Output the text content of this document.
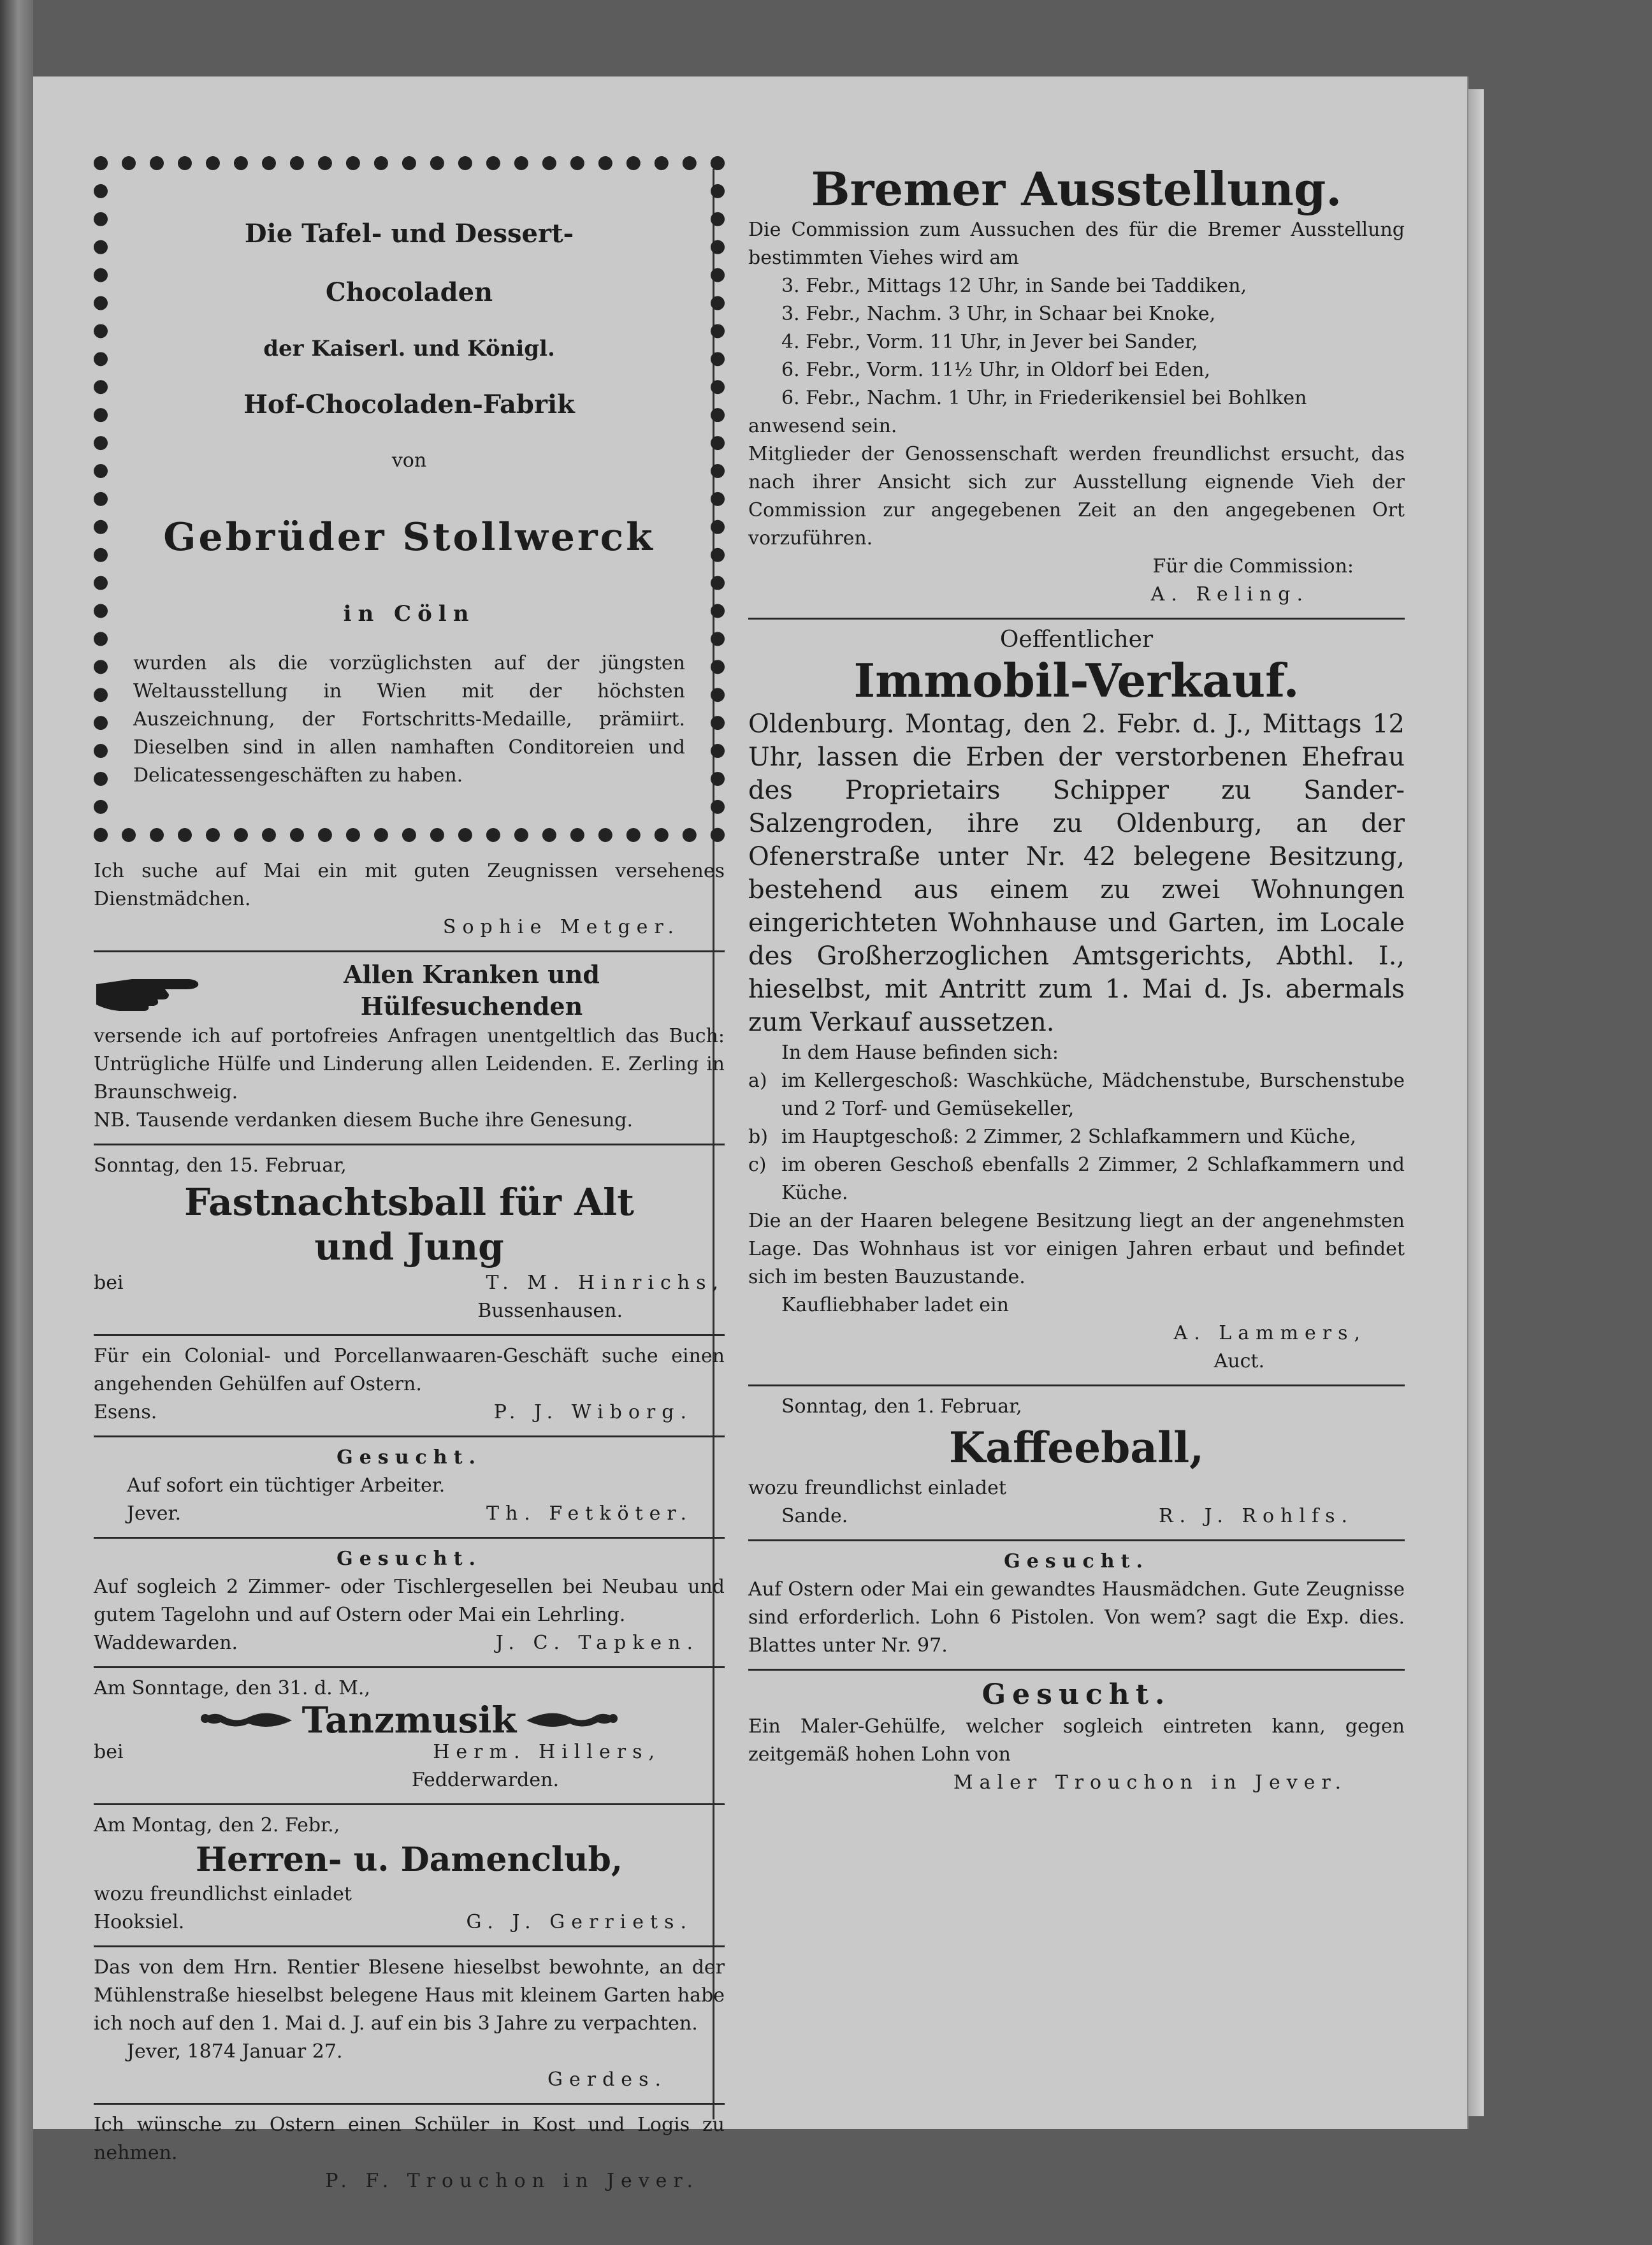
Die Tafel- und Dessert-

Chocoladen

der Kaiserl. und Königl.

Hof-Chocoladen-Fabrik

von

Gebrüder Stollwerck

in Cöln

wurden als die vorzüglichsten auf der jüngsten Weltausstellung in Wien mit der höchsten Auszeichnung, der Fortschritts-Medaille, prämiirt. Dieselben sind in allen namhaften Conditoreien und Delicatessengeschäften zu haben.

Ich suche auf Mai ein mit guten Zeugnissen versehenes Dienstmädchen.

Sophie Metger.

Allen Kranken und

Hülfesuchenden

versende ich auf portofreies Anfragen unentgeltlich das Buch: Untrügliche Hülfe und Linderung allen Leidenden. E. Zerling in Braunschweig.

NB. Tausende verdanken diesem Buche ihre Genesung.

Sonntag, den 15. Februar,

Fastnachtsball für Alt

und Jung

bei	T. M. Hinrichs,

Bussenhausen.

Für ein Colonial- und Porcellanwaaren-Geschäft suche einen angehenden Gehülfen auf Ostern.

Esens.	P. J. Wiborg.

Gesucht.

Auf sofort ein tüchtiger Arbeiter.

Jever.	Th. Fetköter.

Gesucht.

Auf sogleich 2 Zimmer- oder Tischlergesellen bei Neubau und gutem Tagelohn und auf Ostern oder Mai ein Lehrling.

Waddewarden.	J. C. Tapken.

Am Sonntage, den 31. d. M.,

Tanzmusik
bei	Herm. Hillers,

Fedderwarden.

Am Montag, den 2. Febr.,

Herren- u. Damenclub,

wozu freundlichst einladet

Hooksiel.	G. J. Gerriets.

Das von dem Hrn. Rentier Blesene hieselbst bewohnte, an der Mühlenstraße hieselbst belegene Haus mit kleinem Garten habe ich noch auf den 1. Mai d. J. auf ein bis 3 Jahre zu verpachten.

Jever, 1874 Januar 27.

Gerdes.

Ich wünsche zu Ostern einen Schüler in Kost und Logis zu nehmen.

P. F. Trouchon in Jever.

Bremer Ausstellung.

Die Commission zum Aussuchen des für die Bremer Ausstellung bestimmten Viehes wird am

3. Febr., Mittags 12 Uhr, in Sande bei Taddiken,

3. Febr., Nachm. 3 Uhr, in Schaar bei Knoke,

4. Febr., Vorm. 11 Uhr, in Jever bei Sander,

6. Febr., Vorm. 11½ Uhr, in Oldorf bei Eden,

6. Febr., Nachm. 1 Uhr, in Friederikensiel bei Bohlken

anwesend sein.

Mitglieder der Genossenschaft werden freundlichst ersucht, das nach ihrer Ansicht sich zur Ausstellung eignende Vieh der Commission zur angegebenen Zeit an den angegebenen Ort vorzuführen.

Für die Commission:

A. Reling.

Oeffentlicher

Immobil-Verkauf.

Oldenburg. Montag, den 2. Febr. d. J., Mittags 12 Uhr, lassen die Erben der verstorbenen Ehefrau des Proprietairs Schipper zu Sander-Salzengroden, ihre zu Oldenburg, an der Ofenerstraße unter Nr. 42 belegene Besitzung, bestehend aus einem zu zwei Wohnungen eingerichteten Wohnhause und Garten, im Locale des Großherzoglichen Amtsgerichts, Abthl. I., hieselbst, mit Antritt zum 1. Mai d. Js. abermals zum Verkauf aussetzen.

In dem Hause befinden sich:

a) im Kellergeschoß: Waschküche, Mädchenstube, Burschenstube und 2 Torf- und Gemüsekeller,
b) im Hauptgeschoß: 2 Zimmer, 2 Schlafkammern und Küche,
c) im oberen Geschoß ebenfalls 2 Zimmer, 2 Schlafkammern und Küche.

Die an der Haaren belegene Besitzung liegt an der angenehmsten Lage. Das Wohnhaus ist vor einigen Jahren erbaut und befindet sich im besten Bauzustande.

Kaufliebhaber ladet ein

A. Lammers,

Auct.

Sonntag, den 1. Februar,

Kaffeeball,

wozu freundlichst einladet

Sande.	R. J. Rohlfs.

Gesucht.

Auf Ostern oder Mai ein gewandtes Hausmädchen. Gute Zeugnisse sind erforderlich. Lohn 6 Pistolen. Von wem? sagt die Exp. dies. Blattes unter Nr. 97.

Gesucht.

Ein Maler-Gehülfe, welcher sogleich eintreten kann, gegen zeitgemäß hohen Lohn von

Maler Trouchon in Jever.
